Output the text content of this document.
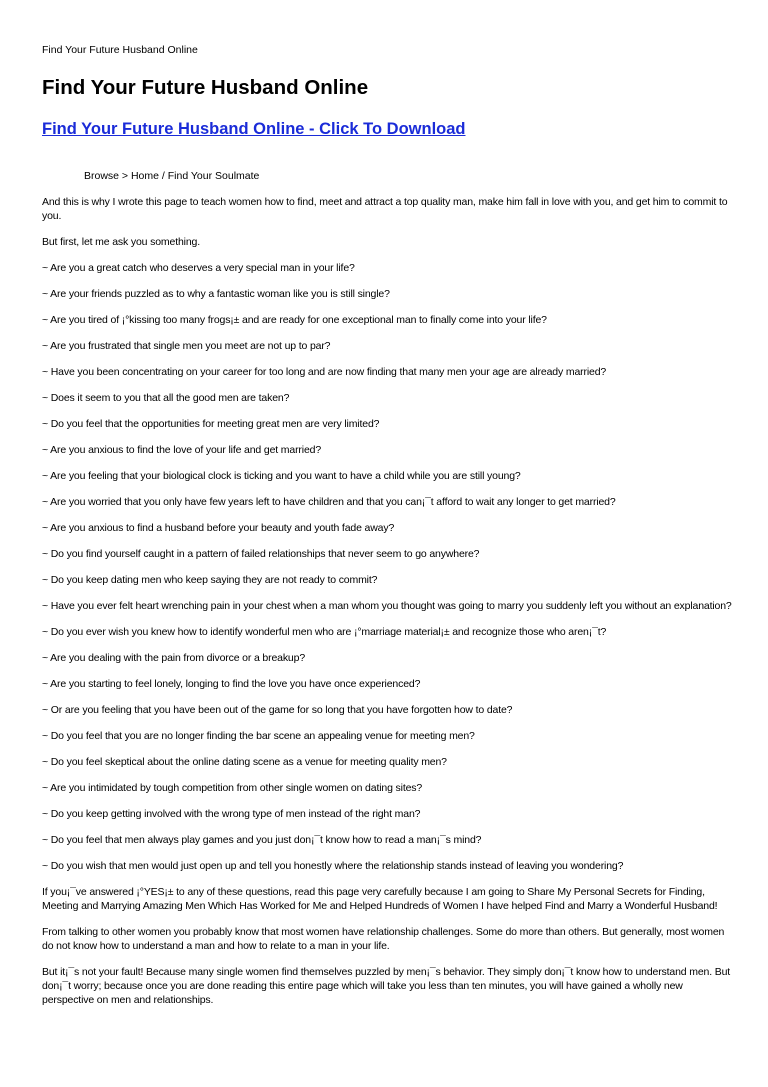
Find Your Future Husband Online
Find Your Future Husband Online
Find Your Future Husband Online - Click To Download
Browse > Home / Find Your Soulmate

And this is why I wrote this page to teach women how to find, meet and attract a top quality man, make him fall in love with you, and get him to commit to you.

But first, let me ask you something.

~ Are you a great catch who deserves a very special man in your life?

~ Are your friends puzzled as to why a fantastic woman like you is still single?

~ Are you tired of ¡°kissing too many frogs¡± and are ready for one exceptional man to finally come into your life?

~ Are you frustrated that single men you meet are not up to par?

~ Have you been concentrating on your career for too long and are now finding that many men your age are already married?

~ Does it seem to you that all the good men are taken?

~ Do you feel that the opportunities for meeting great men are very limited?

~ Are you anxious to find the love of your life and get married?

~ Are you feeling that your biological clock is ticking and you want to have a child while you are still young?

~ Are you worried that you only have few years left to have children and that you can¡¯t afford to wait any longer to get married?

~ Are you anxious to find a husband before your beauty and youth fade away?

~ Do you find yourself caught in a pattern of failed relationships that never seem to go anywhere?

~ Do you keep dating men who keep saying they are not ready to commit?

~ Have you ever felt heart wrenching pain in your chest when a man whom you thought was going to marry you suddenly left you without an explanation?

~ Do you ever wish you knew how to identify wonderful men who are ¡°marriage material¡± and recognize those who aren¡¯t?

~ Are you dealing with the pain from divorce or a breakup?

~ Are you starting to feel lonely, longing to find the love you have once experienced?

~ Or are you feeling that you have been out of the game for so long that you have forgotten how to date?

~ Do you feel that you are no longer finding the bar scene an appealing venue for meeting men?

~ Do you feel skeptical about the online dating scene as a venue for meeting quality men?

~ Are you intimidated by tough competition from other single women on dating sites?

~ Do you keep getting involved with the wrong type of men instead of the right man?

~ Do you feel that men always play games and you just don¡¯t know how to read a man¡¯s mind?

~ Do you wish that men would just open up and tell you honestly where the relationship stands instead of leaving you wondering?

If you¡¯ve answered ¡°YES¡± to any of these questions, read this page very carefully because I am going to Share My Personal Secrets for Finding, Meeting and Marrying Amazing Men Which Has Worked for Me and Helped Hundreds of Women I have helped Find and Marry a Wonderful Husband!

From talking to other women you probably know that most women have relationship challenges. Some do more than others. But generally, most women do not know how to understand a man and how to relate to a man in your life.

But it¡¯s not your fault! Because many single women find themselves puzzled by men¡¯s behavior. They simply don¡¯t know how to understand men. But don¡¯t worry; because once you are done reading this entire page which will take you less than ten minutes, you will have gained a wholly new perspective on men and relationships.
